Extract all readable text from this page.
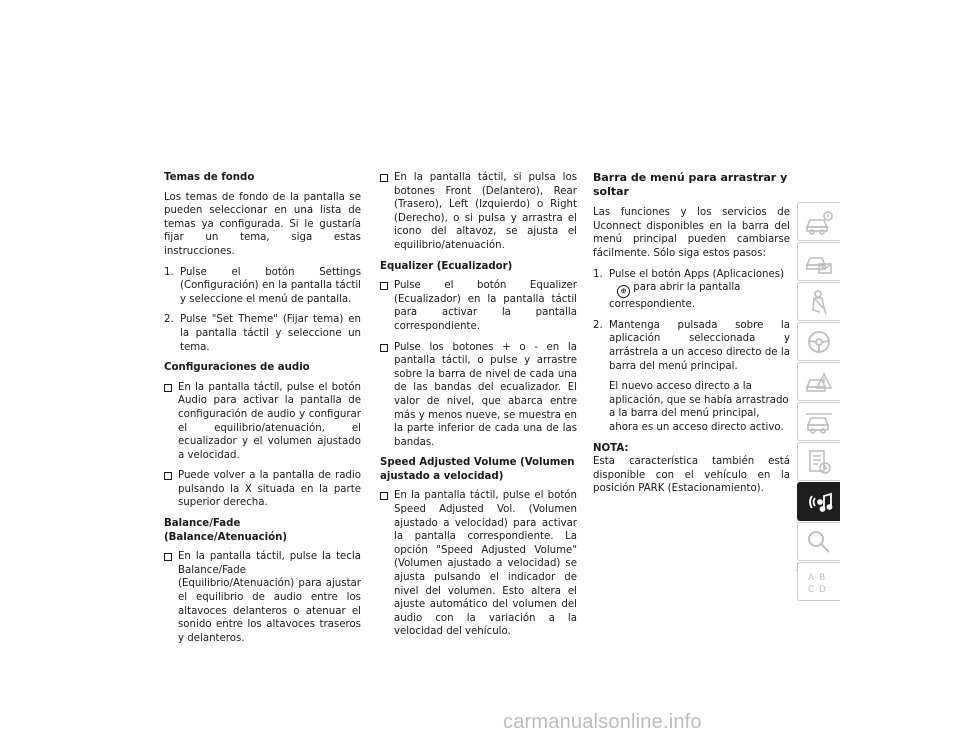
Temas de fondo

Los temas de fondo de la pantalla se pueden seleccionar en una lista de temas ya configurada. Si le gustaría fijar un tema, siga estas instrucciones.

1. Pulse el botón Settings (Configuración) en la pantalla táctil y seleccione el menú de pantalla.
2. Pulse "Set Theme" (Fijar tema) en la pantalla táctil y seleccione un tema.
Configuraciones de audio
En la pantalla táctil, pulse el botón Audio para activar la pantalla de configuración de audio y configurar el equilibrio/atenuación, el ecualizador y el volumen ajustado a velocidad.
Puede volver a la pantalla de radio pulsando la X situada en la parte superior derecha.
Balance/Fade (Balance/Atenuación)
En la pantalla táctil, pulse la tecla Balance/Fade (Equilibrio/Atenuación) para ajustar el equilibrio de audio entre los altavoces delanteros o atenuar el sonido entre los altavoces traseros y delanteros.
En la pantalla táctil, si pulsa los botones Front (Delantero), Rear (Trasero), Left (Izquierdo) o Right (Derecho), o si pulsa y arrastra el icono del altavoz, se ajusta el equilibrio/atenuación.
Equalizer (Ecualizador)
Pulse el botón Equalizer (Ecualizador) en la pantalla táctil para activar la pantalla correspondiente.
Pulse los botones + o - en la pantalla táctil, o pulse y arrastre sobre la barra de nivel de cada una de las bandas del ecualizador. El valor de nivel, que abarca entre más y menos nueve, se muestra en la parte inferior de cada una de las bandas.
Speed Adjusted Volume (Volumen ajustado a velocidad)
En la pantalla táctil, pulse el botón Speed Adjusted Vol. (Volumen ajustado a velocidad) para activar la pantalla correspondiente. La opción "Speed Adjusted Volume" (Volumen ajustado a velocidad) se ajusta pulsando el indicador de nivel del volumen. Esto altera el ajuste automático del volumen del audio con la variación a la velocidad del vehículo.
Barra de menú para arrastrar y soltar

Las funciones y los servicios de Uconnect disponibles en la barra del menú principal pueden cambiarse fácilmente. Sólo siga estos pasos:

1. Pulse el botón Apps (Aplicaciones)⊕ para abrir la pantalla correspondiente.
2. Mantenga pulsada sobre la aplicación seleccionada y arrástrela a un acceso directo de la barra del menú principal.

El nuevo acceso directo a la aplicación, que se había arrastrado a la barra del menú principal, ahora es un acceso directo activo.

NOTA:

Esta característica también está disponible con el vehículo en la posición PARK (Estacionamiento).

A B
C D
carmanualsonline.info
